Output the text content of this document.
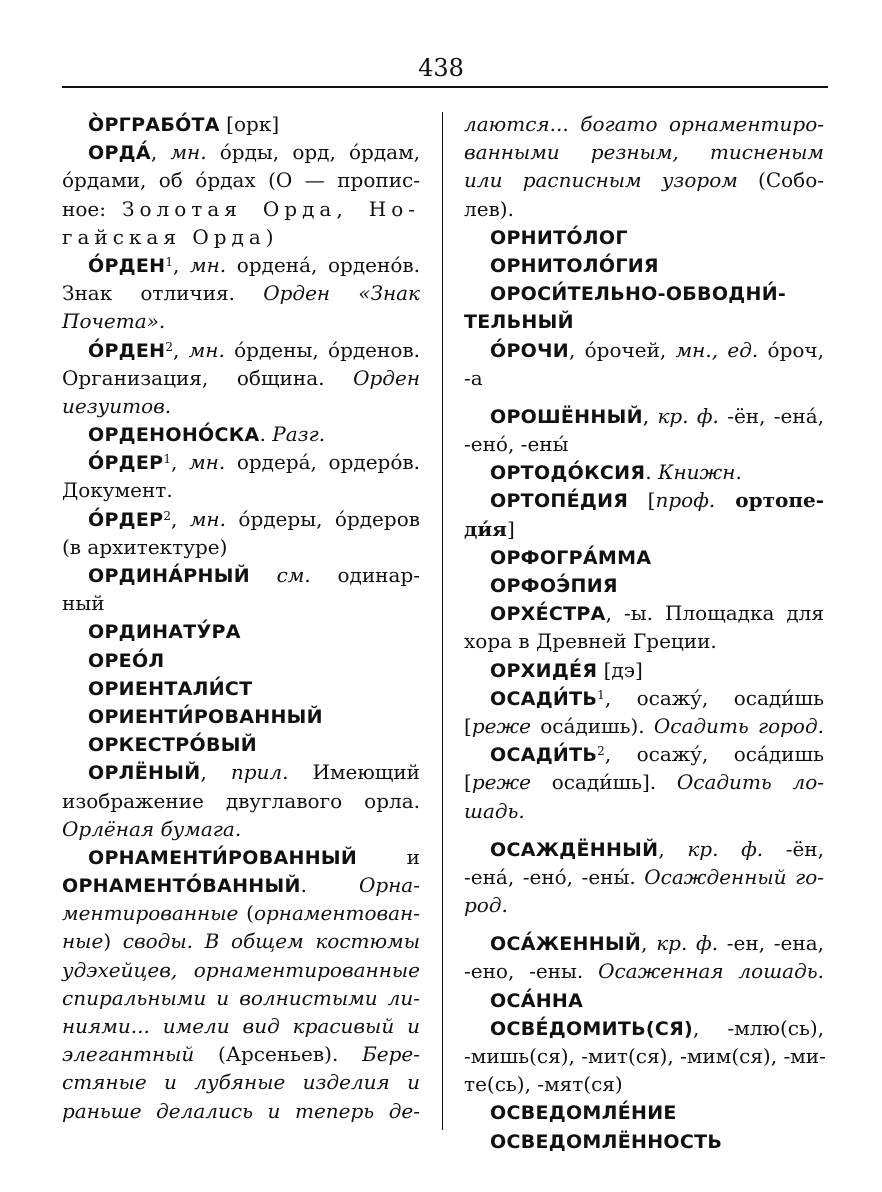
438
О̀РГРАБО́ТА [орк]
ОРДА́, мн. о́рды, орд, о́рдам,
о́рдами, об о́рдах (О — пропис-
ное: Золотая Орда, Но-
гайская Орда)
О́РДЕН$^1$, мн. ордена́, ордено́в.
Знак отличия. Орден «Знак
Почета».
О́РДЕН$^2$, мн. о́рдены, о́рденов.
Организация, община. Орден
иезуитов.
ОРДЕНОНО́СКА. Разг.
О́РДЕР$^1$, мн. ордера́, ордеро́в.
Документ.
О́РДЕР$^2$, мн. о́рдеры, о́рдеров
(в архитектуре)
ОРДИНА́РНЫЙ см. одинар-
ный
ОРДИНАТУ́РА
ОРЕО́Л
ОРИЕНТАЛИ́СТ
ОРИЕНТИ́РОВАННЫЙ
ОРКЕСТРО́ВЫЙ
ОРЛЁНЫЙ, прил. Имеющий
изображение двуглавого орла.
Орлёная бумага.
ОРНАМЕНТИ́РОВАННЫЙ и
ОРНАМЕНТО́ВАННЫЙ. Орна-
ментированные (орнаментован-
ные) своды. В общем костюмы
удэхейцев, орнаментированные
спиральными и волнистыми ли-
ниями... имели вид красивый и
элегантный (Арсеньев). Бере-
стяные и лубяные изделия и
раньше делались и теперь де-
лаются... богато орнаментиро-
ванными резным, тисненым
или расписным узором (Собо-
лев).
ОРНИТО́ЛОГ
ОРНИТОЛО́ГИЯ
ОРОСИ́ТЕЛЬНО-ОБВОДНИ́-
ТЕЛЬНЫЙ
О́РОЧИ, о́рочей, мн., ед. о́роч,
-а
ОРОШЁННЫЙ, кр. ф. -ён, -ена́,
-ено́, -ены́
ОРТОДО́КСИЯ. Книжн.
ОРТОПЕ́ДИЯ [проф. ортопе-
ди́я]
ОРФОГРА́ММА
ОРФОЭ́ПИЯ
ОРХЕ́СТРА, -ы. Площадка для
хора в Древней Греции.
ОРХИДЕ́Я [дэ]
$ОСАДИ́ТЬ^1$, осажу́, осади́шь
[реже оса́дишь). Осадить город.
$ОСАДИ́ТЬ^2$, осажу́, оса́дишь
[реже осади́шь]. Осадить ло-
шадь.
ОСАЖДЁННЫЙ, кр. ф. -ён,
-ена́, -ено́, -ены́. Осажденный го-
род.
ОСА́ЖЕННЫЙ, кр. ф. -ен, -ена,
-ено, -ены. Осаженная лошадь.
ОСА́ННА
ОСВЕ́ДОМИТЬ(СЯ), -млю(сь),
-мишь(ся), -мит(ся), -мим(ся), -ми-
те(сь), -мят(ся)
ОСВЕДОМЛЕ́НИЕ
ОСВЕДОМЛЁННОСТЬ
